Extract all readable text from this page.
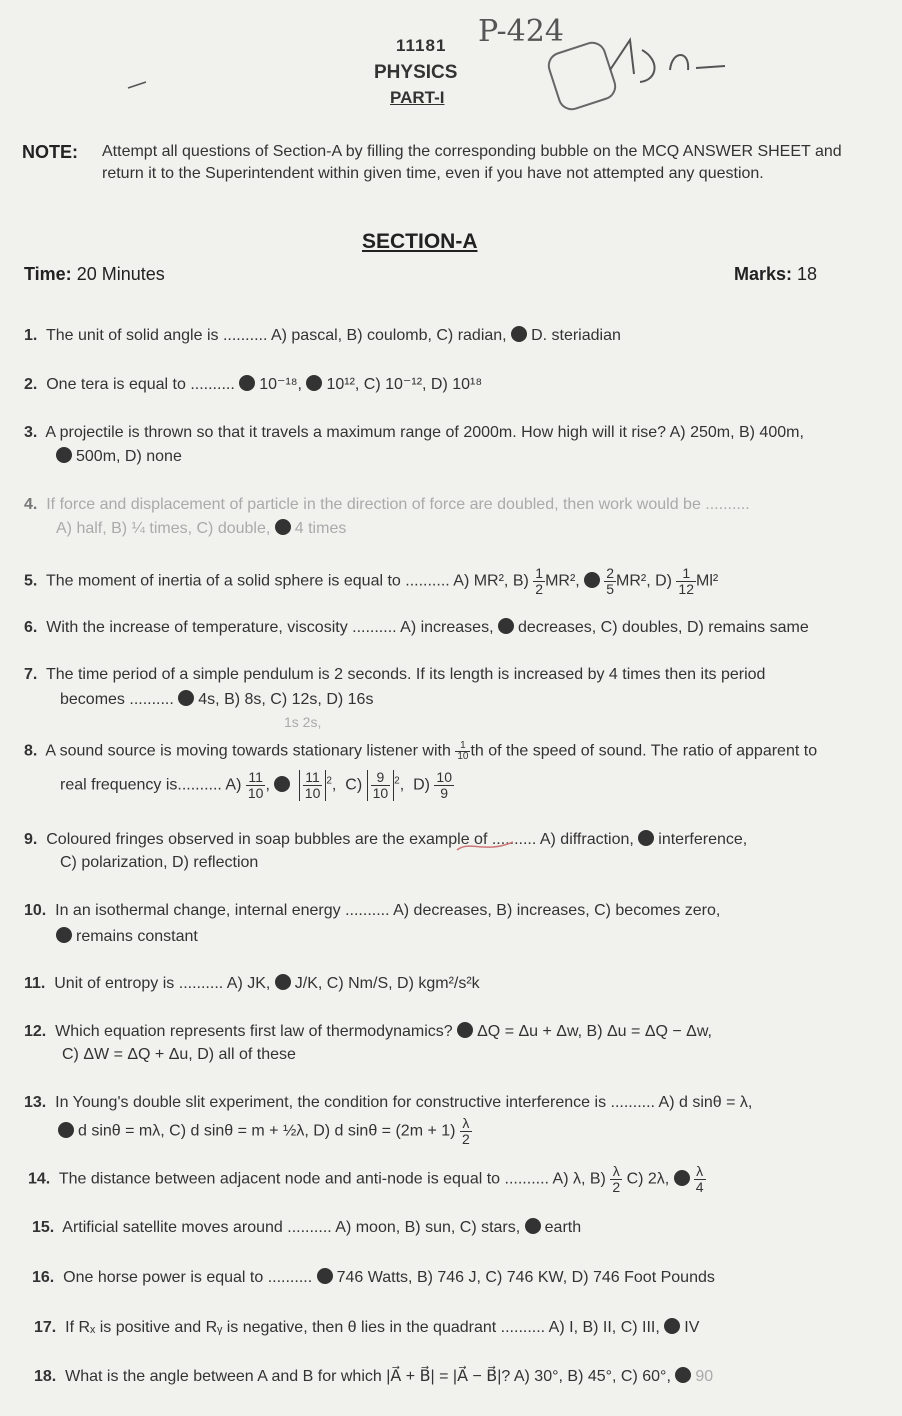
11181
PHYSICS
PART-I
P-424
NOTE: Attempt all questions of Section-A by filling the corresponding bubble on the MCQ ANSWER SHEET and
return it to the Superintendent within given time, even if you have not attempted any question.
SECTION-A
Time: 20 Minutes	Marks: 18
1. The unit of solid angle is .......... A) pascal, B) coulomb, C) radian, D. steriadian
2. One tera is equal to .......... 10⁻¹⁸, 10¹², C) 10⁻¹², D) 10¹⁸
3. A projectile is thrown so that it travels a maximum range of 2000m. How high will it rise? A) 250m, B) 400m,
500m, D) none
4. If force and displacement of particle in the direction of force are doubled, then work would be ..........
A) half, B) ¼ times, C) double, 4 times
5. The moment of inertia of a solid sphere is equal to .......... A) MR², $B) \frac{1}{2} MR^2$, $\frac{2}{5} MR^2$, $D) \frac{1}{12} Ml^2$
6. With the increase of temperature, viscosity .......... A) increases, decreases, C) doubles, D) remains same
7. The time period of a simple pendulum is 2 seconds. If its length is increased by 4 times then its period
becomes .......... 4s, B) 8s, C) 12s, D) 16s
1s 2s,
8. A sound source is moving towards stationary listener with $\frac{1}{10}$ th of the speed of sound. The ratio of apparent to
real frequency is.......... $A) \frac{11}{10}$ , $\frac{11}{10} ^2$,  $C) \frac{9}{10} ^2$,  $D) \frac{10}{9}$
9. Coloured fringes observed in soap bubbles are the example of .......... A) diffraction, interference,
C) polarization, D) reflection
10. In an isothermal change, internal energy .......... A) decreases, B) increases, C) becomes zero,
remains constant
11. Unit of entropy is .......... A) JK, J/K, C) Nm/S, D) kgm²/s²k
12. Which equation represents first law of thermodynamics? ΔQ = Δu + Δw, B) Δu = ΔQ − Δw,
C) ΔW = ΔQ + Δu, D) all of these
13. In Young's double slit experiment, the condition for constructive interference is .......... A) d sinθ = λ,
d sinθ = mλ, C) d sinθ = m + ½λ, D) d $\sin\theta = (2m + 1) \frac{\lambda}{2}$
14. The distance between adjacent node and anti-node is equal to .......... A) λ, $B) \frac{\lambda}{2} C$) 2λ, $\frac{\lambda}{4}$
15. Artificial satellite moves around .......... A) moon, B) sun, C) stars, earth
16. One horse power is equal to .......... 746 Watts, B) 746 J, C) 746 KW, D) 746 Foot Pounds
17. If Rₓ is positive and Rᵧ is negative, then θ lies in the quadrant .......... A) I, B) II, C) III, IV
18. What is the angle between A and B for which |A⃗ + B⃗| = |A⃗ − B⃗|? A) 30°, B) 45°, C) 60°, 90
